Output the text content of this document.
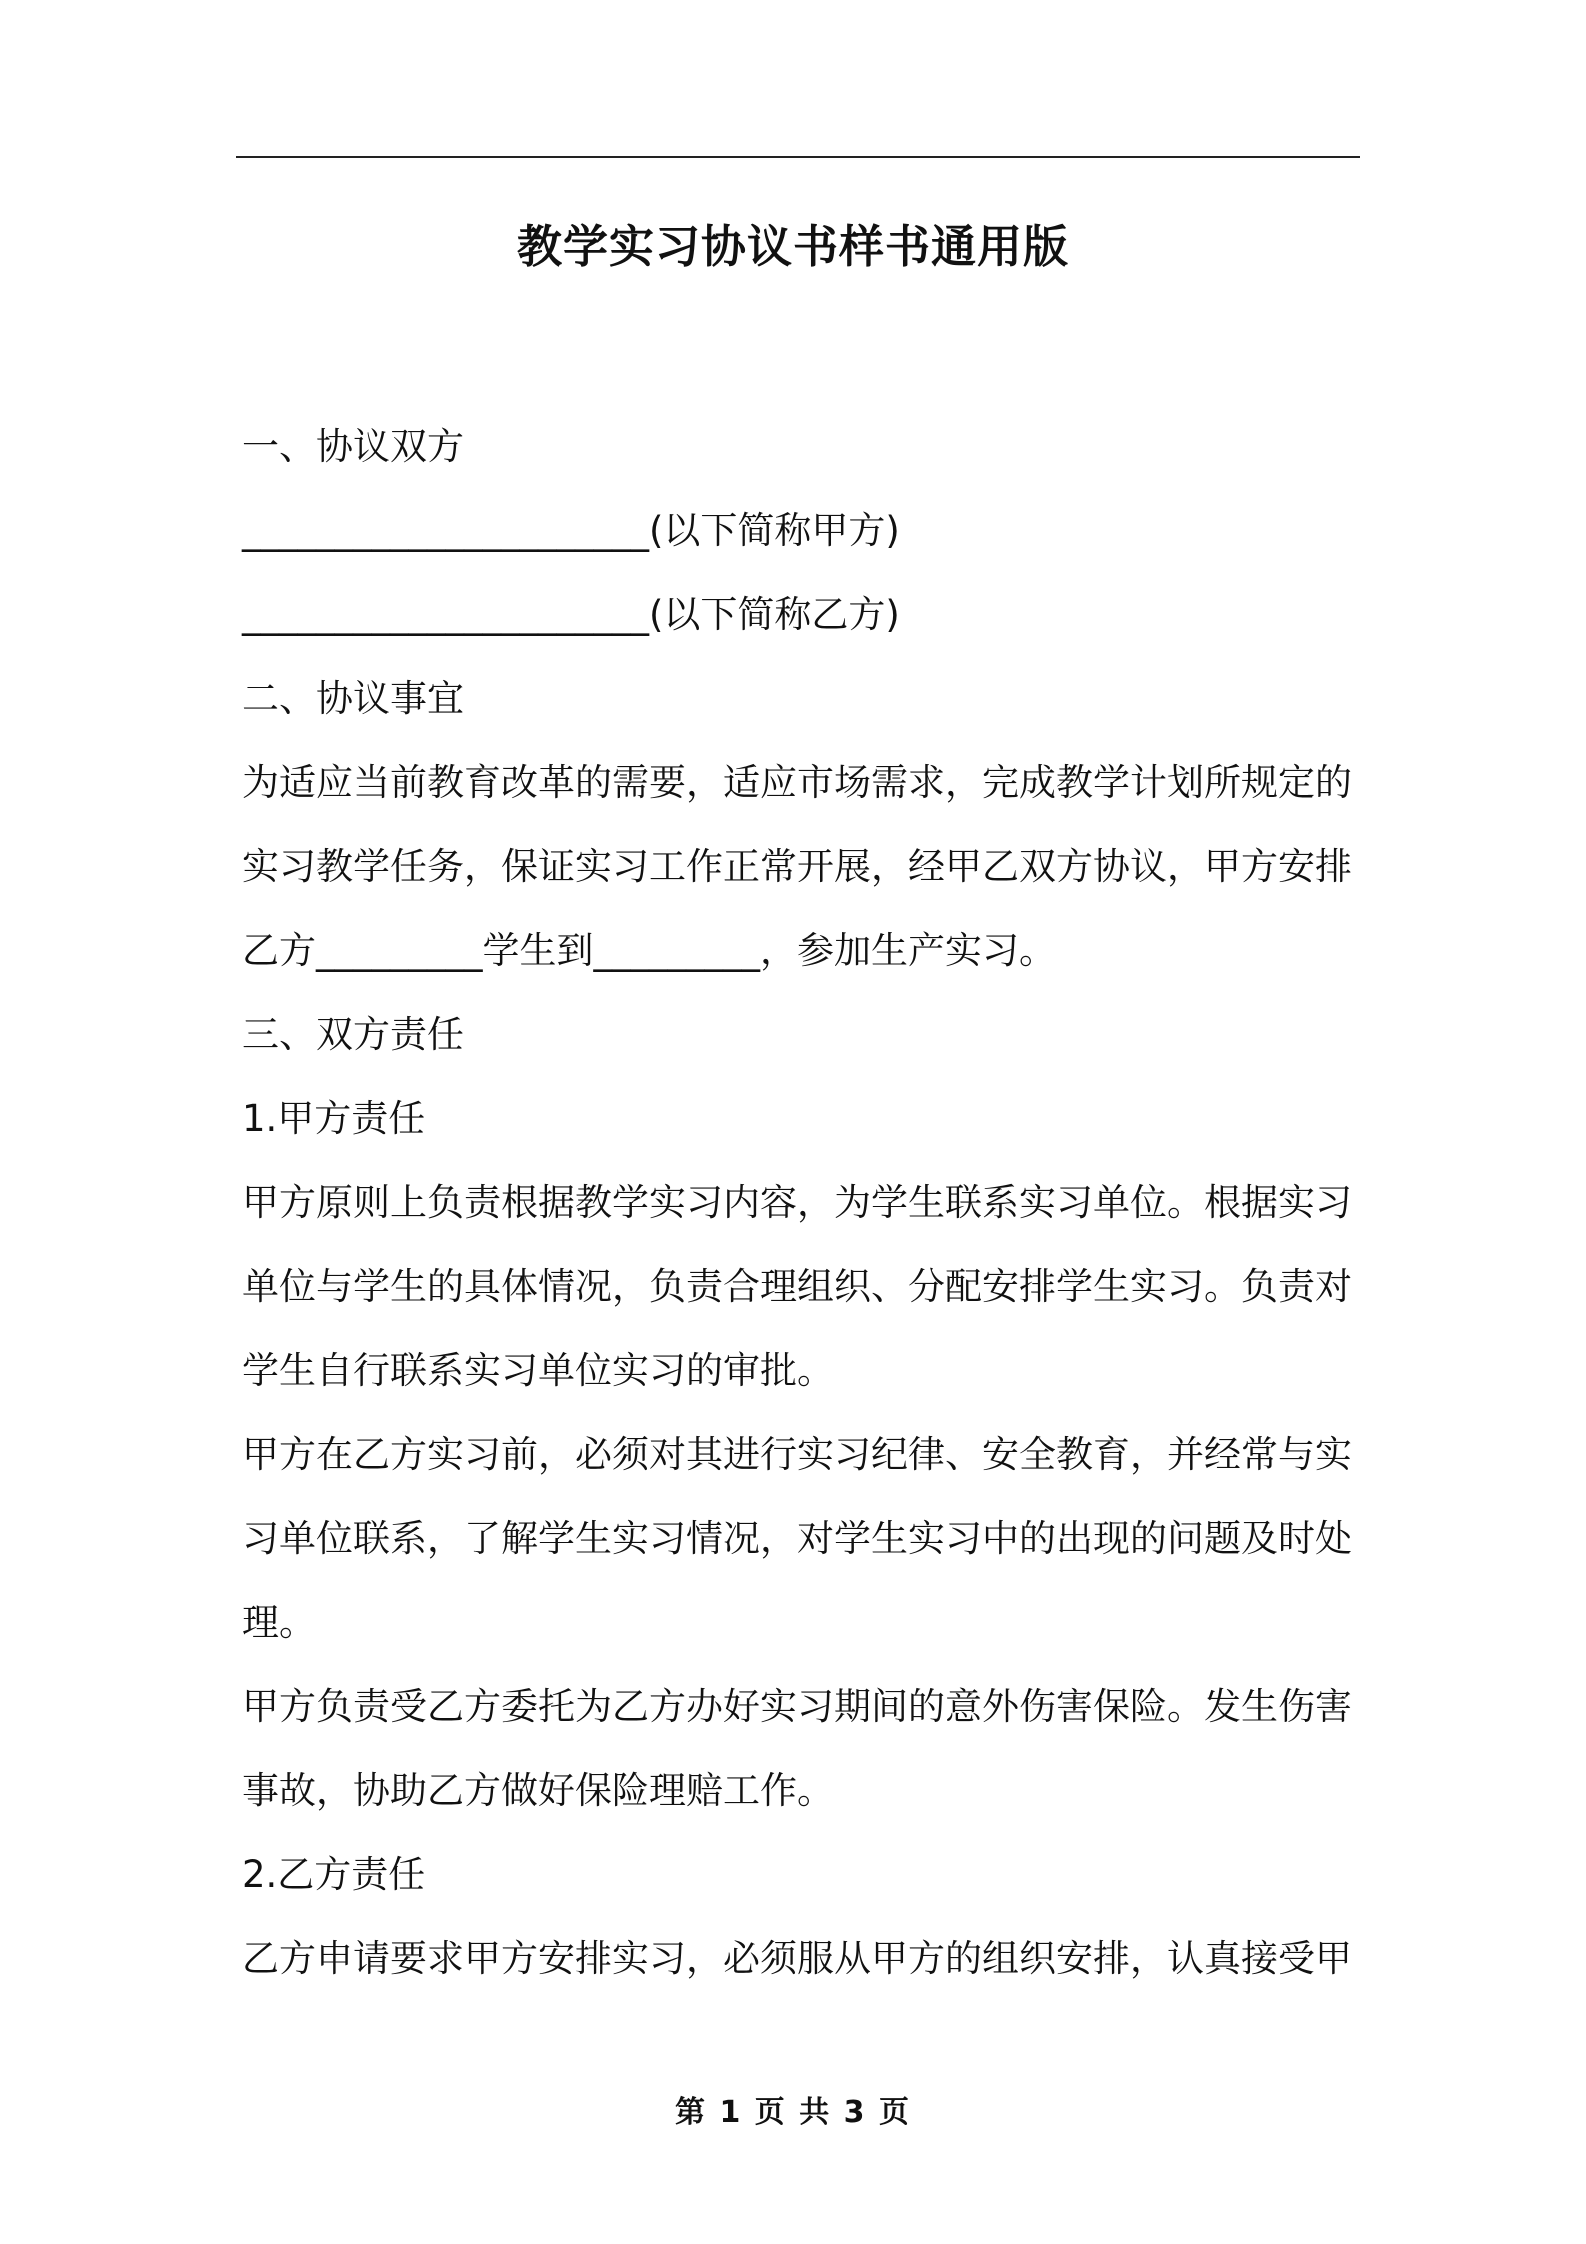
教学实习协议书样书通用版

一、协议双方

______________________(以下简称甲方)

______________________(以下简称乙方)

二、协议事宜

为适应当前教育改革的需要，适应市场需求，完成教学计划所规定的实习教学任务，保证实习工作正常开展，经甲乙双方协议，甲方安排乙方_________学生到_________，参加生产实习。

三、双方责任

1.甲方责任

甲方原则上负责根据教学实习内容，为学生联系实习单位。根据实习单位与学生的具体情况，负责合理组织、分配安排学生实习。负责对学生自行联系实习单位实习的审批。

甲方在乙方实习前，必须对其进行实习纪律、安全教育，并经常与实习单位联系，了解学生实习情况，对学生实习中的出现的问题及时处理。

甲方负责受乙方委托为乙方办好实习期间的意外伤害保险。发生伤害事故，协助乙方做好保险理赔工作。

2.乙方责任

乙方申请要求甲方安排实习，必须服从甲方的组织安排，认真接受甲

第 1 页 共 3 页
